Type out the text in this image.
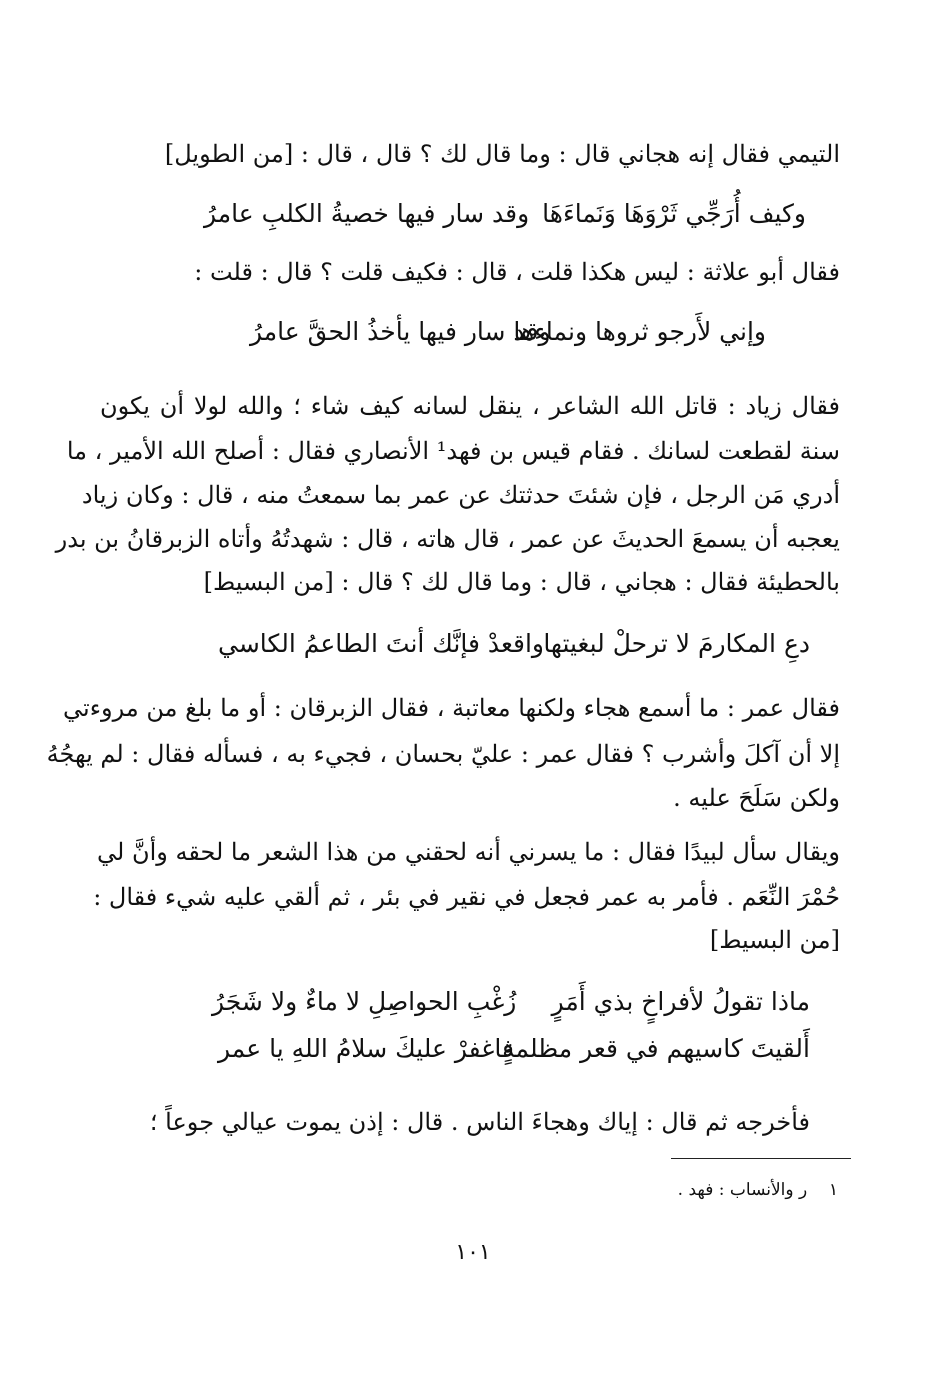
التيمي فقال إنه هجاني قال : وما قال لك ؟ قال ، قال : [من الطويل]
وكيف أُرَجِّي ثَرْوَهَا وَنَماءَهَا
وقد سار فيها خصيةُ الكلبِ عامرُ
فقال أبو علاثة : ليس هكذا قلت ، قال : فكيف قلت ؟ قال : قلت :
وإني لأَرجو ثروها ونماءها
وقد سار فيها يأخذُ الحقَّ عامرُ
فقال زياد : قاتل الله الشاعر ، ينقل لسانه كيف شاء ؛ والله لولا أن يكون
سنة لقطعت لسانك . فقام قيس بن فهد¹ الأنصاري فقال : أصلح الله الأمير ، ما
أدري مَن الرجل ، فإن شئتَ حدثتك عن عمر بما سمعتُ منه ، قال : وكان زياد
يعجبه أن يسمعَ الحديثَ عن عمر ، قال هاته ، قال : شهدتُهُ وأتاه الزبرقانُ بن بدر
بالحطيئة فقال : هجاني ، قال : وما قال لك ؟ قال : [من البسيط]
دعِ المكارمَ لا ترحلْ لبغيتها
واقعدْ فإنَّك أنتَ الطاعمُ الكاسي
فقال عمر : ما أسمع هجاء ولكنها معاتبة ، فقال الزبرقان : أو ما بلغ من مروءتي
إلا أن آكلَ وأشرب ؟ فقال عمر : عليّ بحسان ، فجيء به ، فسأله فقال : لم يهجُهُ
ولكن سَلَحَ عليه .
ويقال سأل لبيدًا فقال : ما يسرني أنه لحقني من هذا الشعر ما لحقه وأنَّ لي
حُمْرَ النِّعَم . فأمر به عمر فجعل في نقير في بئر ، ثم ألقي عليه شيء فقال :
[من البسيط]
ماذا تقولُ لأفراخٍ بذي أَمَرٍ
زُغْبِ الحواصِلِ لا ماءٌ ولا شَجَرُ
أَلقيتَ كاسيهم في قعر مظلمةٍ
فاغفرْ عليكَ سلامُ اللهِ يا عمر
فأخرجه ثم قال : إياك وهجاءَ الناس . قال : إذن يموت عيالي جوعاً ؛
١    ر والأنساب : فهد .
١٠١
